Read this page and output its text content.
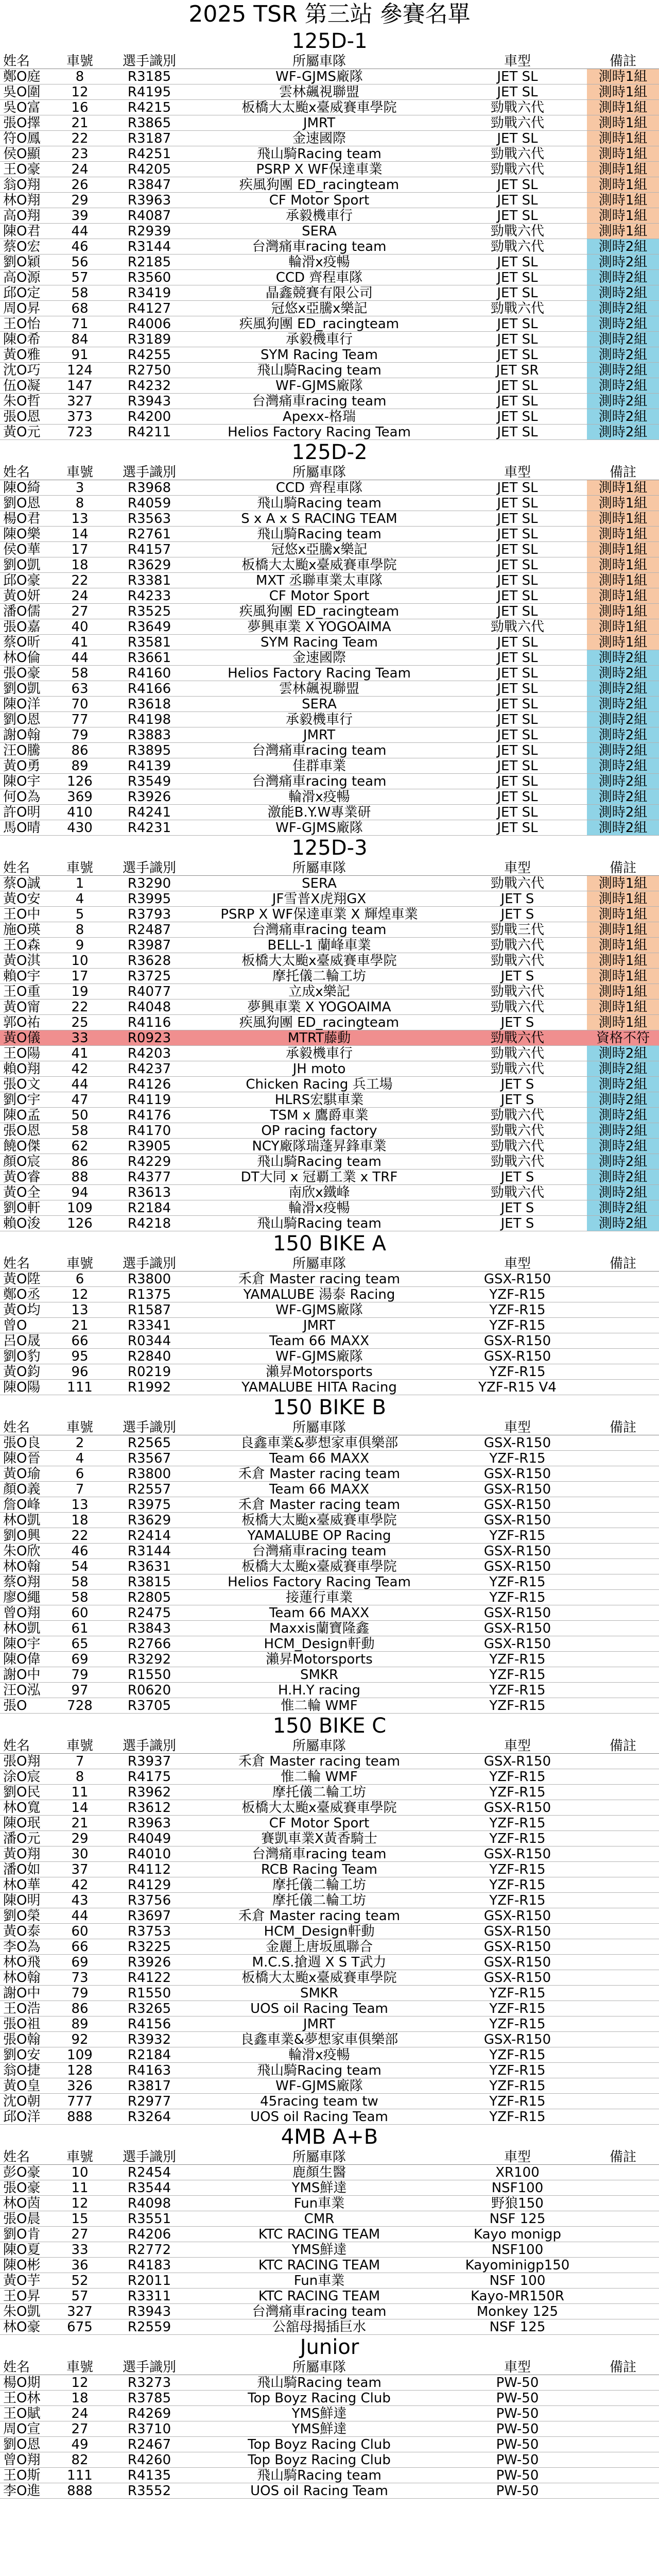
2025 TSR 第三站 參賽名單
125D-1
姓名	車號	選手識別	所屬車隊	車型	備註
鄭O庭	8	R3185	WF-GJMS廠隊	JET SL	測時1組
吳O圍	12	R4195	雲林飆視聯盟	JET SL	測時1組
吳O富	16	R4215	板橋大太颱x臺威賽車學院	勁戰六代	測時1組
張O擇	21	R3865	JMRT	勁戰六代	測時1組
符O鳳	22	R3187	金速國際	JET SL	測時1組
侯O顯	23	R4251	飛山騎Racing team	勁戰六代	測時1組
王O豪	24	R4205	PSRP X WF保達車業	勁戰六代	測時1組
翁O翔	26	R3847	疾風狗團 ED_racingteam	JET SL	測時1組
林O翔	29	R3963	CF Motor Sport	JET SL	測時1組
高O翔	39	R4087	承毅機車行	JET SL	測時1組
陳O君	44	R2939	SERA	勁戰六代	測時1組
蔡O宏	46	R3144	台灣痛車racing team	勁戰六代	測時2組
劉O穎	56	R2185	輪滑x疫暢	JET SL	測時2組
高O源	57	R3560	CCD 齊程車隊	JET SL	測時2組
邱O定	58	R3419	晶鑫競賽有限公司	JET SL	測時2組
周O昇	68	R4127	冠悠x亞騰x樂記	勁戰六代	測時2組
王O怡	71	R4006	疾風狗團 ED_racingteam	JET SL	測時2組
陳O希	84	R3189	承毅機車行	JET SL	測時2組
黃O雅	91	R4255	SYM Racing Team	JET SL	測時2組
沈O巧	124	R2750	飛山騎Racing team	JET SR	測時2組
伍O凝	147	R4232	WF-GJMS廠隊	JET SL	測時2組
朱O哲	327	R3943	台灣痛車racing team	JET SL	測時2組
張O恩	373	R4200	Apexx-格瑞	JET SL	測時2組
黃O元	723	R4211	Helios Factory Racing Team	JET SL	測時2組
125D-2
姓名	車號	選手識別	所屬車隊	車型	備註
陳O綺	3	R3968	CCD 齊程車隊	JET SL	測時1組
劉O恩	8	R4059	飛山騎Racing team	JET SL	測時1組
楊O君	13	R3563	S x A x S RACING TEAM	JET SL	測時1組
陳O樂	14	R2761	飛山騎Racing team	JET SL	測時1組
侯O華	17	R4157	冠悠x亞騰x樂記	JET SL	測時1組
劉O凱	18	R3629	板橋大太颱x臺威賽車學院	JET SL	測時1組
邱O豪	22	R3381	MXT 丞聯車業太車隊	JET SL	測時1組
黃O妍	24	R4233	CF Motor Sport	JET SL	測時1組
潘O儒	27	R3525	疾風狗團 ED_racingteam	JET SL	測時1組
張O嘉	40	R3649	夢興車業 X YOGOAIMA	勁戰六代	測時1組
蔡O昕	41	R3581	SYM Racing Team	JET SL	測時1組
林O倫	44	R3661	金速國際	JET SL	測時2組
張O豪	58	R4160	Helios Factory Racing Team	JET SL	測時2組
劉O凱	63	R4166	雲林飆視聯盟	JET SL	測時2組
陳O洋	70	R3618	SERA	JET SL	測時2組
劉O恩	77	R4198	承毅機車行	JET SL	測時2組
謝O翰	79	R3883	JMRT	JET SL	測時2組
汪O騰	86	R3895	台灣痛車racing team	JET SL	測時2組
黃O勇	89	R4139	佳群車業	JET SL	測時2組
陳O宇	126	R3549	台灣痛車racing team	JET SL	測時2組
何O為	369	R3926	輪滑x疫暢	JET SL	測時2組
許O明	410	R4241	激能B.Y.W專業研	JET SL	測時2組
馬O晴	430	R4231	WF-GJMS廠隊	JET SL	測時2組
125D-3
姓名	車號	選手識別	所屬車隊	車型	備註
蔡O誠	1	R3290	SERA	勁戰六代	測時1組
黃O安	4	R3995	JF雪普X虎翔GX	JET S	測時1組
王O中	5	R3793	PSRP X WF保達車業 X 輝煌車業	JET S	測時1組
施O瑛	8	R2487	台灣痛車racing team	勁戰三代	測時1組
王O森	9	R3987	BELL-1 蘭峰車業	勁戰六代	測時1組
黃O淇	10	R3628	板橋大太颱x臺威賽車學院	勁戰六代	測時1組
賴O宇	17	R3725	摩托儀二輪工坊	JET S	測時1組
王O重	19	R4077	立成x樂記	勁戰六代	測時1組
黃O甯	22	R4048	夢興車業 X YOGOAIMA	勁戰六代	測時1組
郭O祐	25	R4116	疾風狗團 ED_racingteam	JET S	測時1組
黃O儀	33	R0923	MTRT藤動	勁戰六代	資格不符
王O陽	41	R4203	承毅機車行	勁戰六代	測時2組
賴O翔	42	R4237	JH moto	勁戰六代	測時2組
張O文	44	R4126	Chicken Racing 兵工場	JET S	測時2組
劉O宇	47	R4119	HLRS宏騏車業	JET S	測時2組
陳O孟	50	R4176	TSM x 鷹爵車業	勁戰六代	測時2組
張O恩	58	R4170	OP racing factory	勁戰六代	測時2組
饒O傑	62	R3905	NCY廠隊瑞蓬昇鋒車業	勁戰六代	測時2組
顏O宸	86	R4229	飛山騎Racing team	勁戰六代	測時2組
黃O睿	88	R4377	DT大同 x 冠覇工業 x TRF	JET S	測時2組
黃O全	94	R3613	南欣x鐵峰	勁戰六代	測時2組
劉O軒	109	R2184	輪滑x疫暢	JET S	測時2組
賴O浚	126	R4218	飛山騎Racing team	JET S	測時2組
150 BIKE A
姓名	車號	選手識別	所屬車隊	車型	備註
黃O陞	6	R3800	禾倉 Master racing team	GSX-R150
鄭O丞	12	R1375	YAMALUBE 湯泰 Racing	YZF-R15
黃O均	13	R1587	WF-GJMS廠隊	YZF-R15
曾O	21	R3341	JMRT	YZF-R15
呂O晟	66	R0344	Team 66 MAXX	GSX-R150
劉O豹	95	R2840	WF-GJMS廠隊	GSX-R150
黃O鈞	96	R0219	瀨昇Motorsports	YZF-R15
陳O陽	111	R1992	YAMALUBE HITA Racing	YZF-R15 V4
150 BIKE B
姓名	車號	選手識別	所屬車隊	車型	備註
張O良	2	R2565	良鑫車業&夢想家車俱樂部	GSX-R150
陳O晉	4	R3567	Team 66 MAXX	YZF-R15
黃O瑜	6	R3800	禾倉 Master racing team	GSX-R150
顏O義	7	R2557	Team 66 MAXX	GSX-R150
詹O峰	13	R3975	禾倉 Master racing team	GSX-R150
林O凱	18	R3629	板橋大太颱x臺威賽車學院	GSX-R150
劉O興	22	R2414	YAMALUBE OP Racing	YZF-R15
朱O欣	46	R3144	台灣痛車racing team	GSX-R150
林O翰	54	R3631	板橋大太颱x臺威賽車學院	GSX-R150
蔡O翔	58	R3815	Helios Factory Racing Team	YZF-R15
廖O繩	58	R2805	接蓮行車業	YZF-R15
曾O翔	60	R2475	Team 66 MAXX	GSX-R150
林O凱	61	R3843	Maxxis蘭寶隆鑫	GSX-R150
陳O宇	65	R2766	HCM_Design軒動	GSX-R150
陳O偉	69	R3292	瀨昇Motorsports	YZF-R15
謝O中	79	R1550	SMKR	YZF-R15
汪O泓	97	R0620	H.H.Y racing	YZF-R15
張O	728	R3705	惟二輪 WMF	YZF-R15
150 BIKE C
姓名	車號	選手識別	所屬車隊	車型	備註
張O翔	7	R3937	禾倉 Master racing team	GSX-R150
涂O宸	8	R4175	惟二輪 WMF	YZF-R15
劉O民	11	R3962	摩托儀二輪工坊	YZF-R15
林O寬	14	R3612	板橋大太颱x臺威賽車學院	GSX-R150
陳O珉	21	R3963	CF Motor Sport	YZF-R15
潘O元	29	R4049	賽凱車業X黃香騎士	YZF-R15
黃O翔	30	R4010	台灣痛車racing team	GSX-R150
潘O如	37	R4112	RCB Racing Team	YZF-R15
林O華	42	R4129	摩托儀二輪工坊	YZF-R15
陳O明	43	R3756	摩托儀二輪工坊	YZF-R15
劉O榮	44	R3697	禾倉 Master racing team	GSX-R150
黃O泰	60	R3753	HCM_Design軒動	GSX-R150
李O為	66	R3225	金麗上唐坂風聯合	GSX-R150
林O飛	69	R3926	M.C.S.搶週 X S T武力	GSX-R150
林O翰	73	R4122	板橋大太颱x臺威賽車學院	GSX-R150
謝O中	79	R1550	SMKR	YZF-R15
王O浩	86	R3265	UOS oil Racing Team	YZF-R15
張O祖	89	R4156	JMRT	YZF-R15
張O翰	92	R3932	良鑫車業&夢想家車俱樂部	GSX-R150
劉O安	109	R2184	輪滑x疫暢	YZF-R15
翁O捷	128	R4163	飛山騎Racing team	YZF-R15
黃O皇	326	R3817	WF-GJMS廠隊	YZF-R15
沈O朝	777	R2977	45racing team tw	YZF-R15
邱O洋	888	R3264	UOS oil Racing Team	YZF-R15
4MB A+B
姓名	車號	選手識別	所屬車隊	車型	備註
彭O豪	10	R2454	鹿顏生醫	XR100
張O豪	11	R3544	YMS鮮達	NSF100
林O茵	12	R4098	Fun車業	野狼150
張O晨	15	R3551	CMR	NSF 125
劉O肯	27	R4206	KTC RACING TEAM	Kayo monigp
陳O夏	33	R2772	YMS鮮達	NSF100
陳O彬	36	R4183	KTC RACING TEAM	Kayominigp150
黃O芋	52	R2011	Fun車業	NSF 100
王O昇	57	R3311	KTC RACING TEAM	Kayo-MR150R
朱O凱	327	R3943	台灣痛車racing team	Monkey 125
林O豪	675	R2559	公舘母揭插巨水	NSF 125
Junior
姓名	車號	選手識別	所屬車隊	車型	備註
楊O期	12	R3273	飛山騎Racing team	PW-50
王O林	18	R3785	Top Boyz Racing Club	PW-50
王O賦	24	R4269	YMS鮮達	PW-50
周O宣	27	R3710	YMS鮮達	PW-50
劉O恩	49	R2467	Top Boyz Racing Club	PW-50
曾O翔	82	R4260	Top Boyz Racing Club	PW-50
王O斯	111	R4135	飛山騎Racing team	PW-50
李O進	888	R3552	UOS oil Racing Team	PW-50
